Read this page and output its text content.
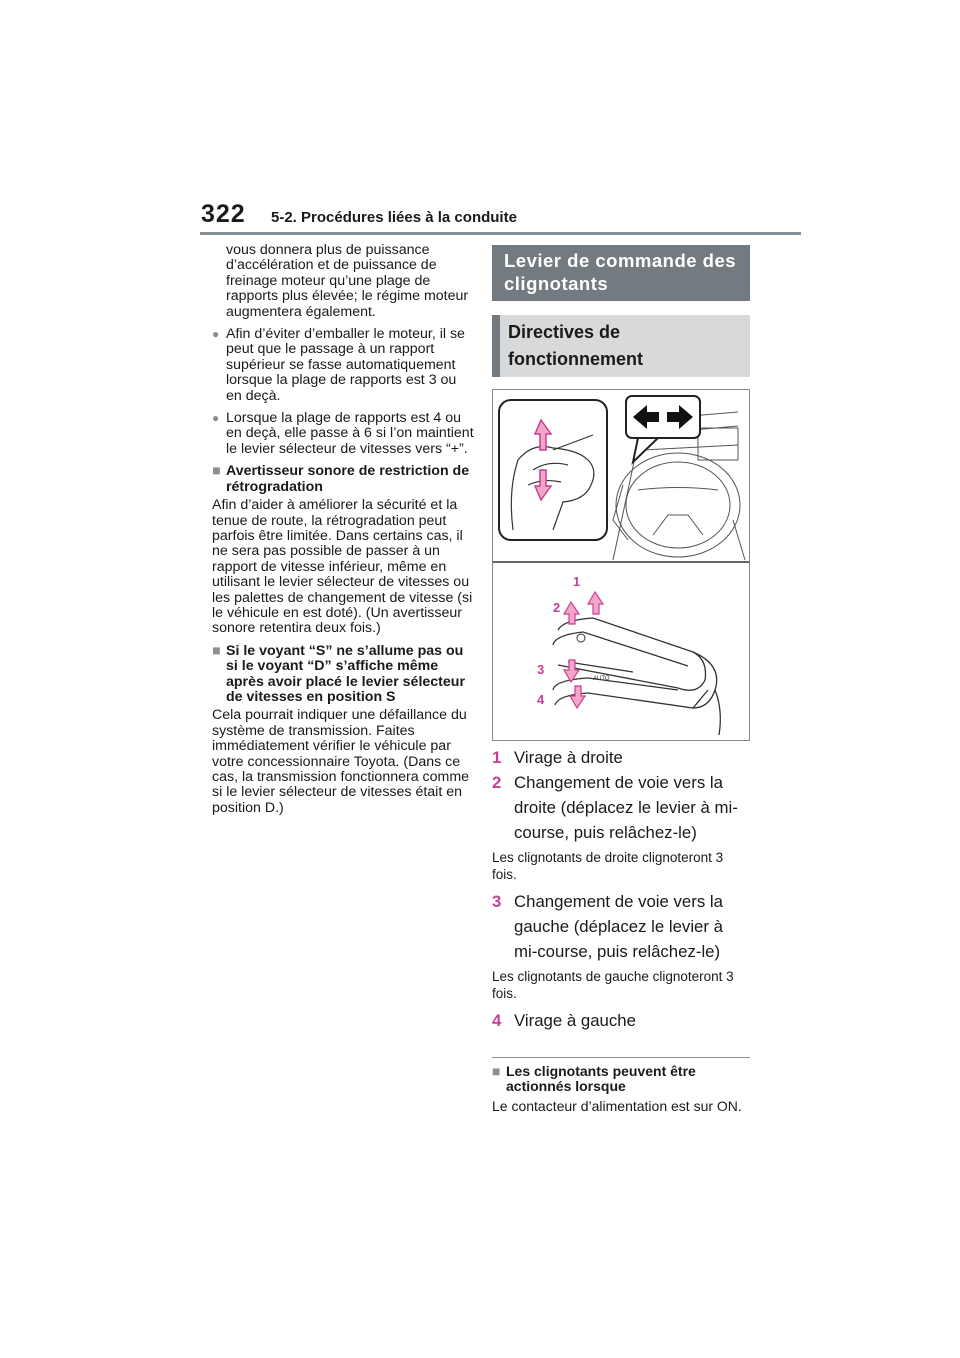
322 5-2. Procédures liées à la conduite

vous donnera plus de puissance d’accélération et de puissance de freinage moteur qu’une plage de rapports plus élevée; le régime moteur augmentera également.

● Afin d’éviter d’emballer le moteur, il se peut que le passage à un rapport supérieur se fasse automatiquement lorsque la plage de rapports est 3 ou en deçà.
● Lorsque la plage de rapports est 4 ou en deçà, elle passe à 6 si l’on maintient le levier sélecteur de vitesses vers “+”.
■ Avertisseur sonore de restriction de rétrogradation

Afin d’aider à améliorer la sécurité et la tenue de route, la rétrogradation peut parfois être limitée. Dans certains cas, il ne sera pas possible de passer à un rapport de vitesse inférieur, même en utilisant le levier sélecteur de vitesses ou les palettes de changement de vitesse (si le véhicule en est doté). (Un avertisseur sonore retentira deux fois.)

■ Si le voyant “S” ne s’allume pas ou si le voyant “D” s’affiche même après avoir placé le levier sélecteur de vitesses en position S

Cela pourrait indiquer une défaillance du système de transmission. Faites immédiatement vérifier le véhicule par votre concessionnaire Toyota. (Dans ce cas, la transmission fonctionnera comme si le levier sélecteur de vitesses était en position D.)

Levier de commande des clignotants
Directives de fonctionnement
AUTO
1
2
3
4
1 Virage à droite
2 Changement de voie vers la droite (déplacez le levier à mi-course, puis relâchez-le)
Les clignotants de droite clignoteront 3 fois.
3 Changement de voie vers la gauche (déplacez le levier à mi-course, puis relâchez-le)
Les clignotants de gauche clignoteront 3 fois.
4 Virage à gauche
■ Les clignotants peuvent être actionnés lorsque

Le contacteur d’alimentation est sur ON.
